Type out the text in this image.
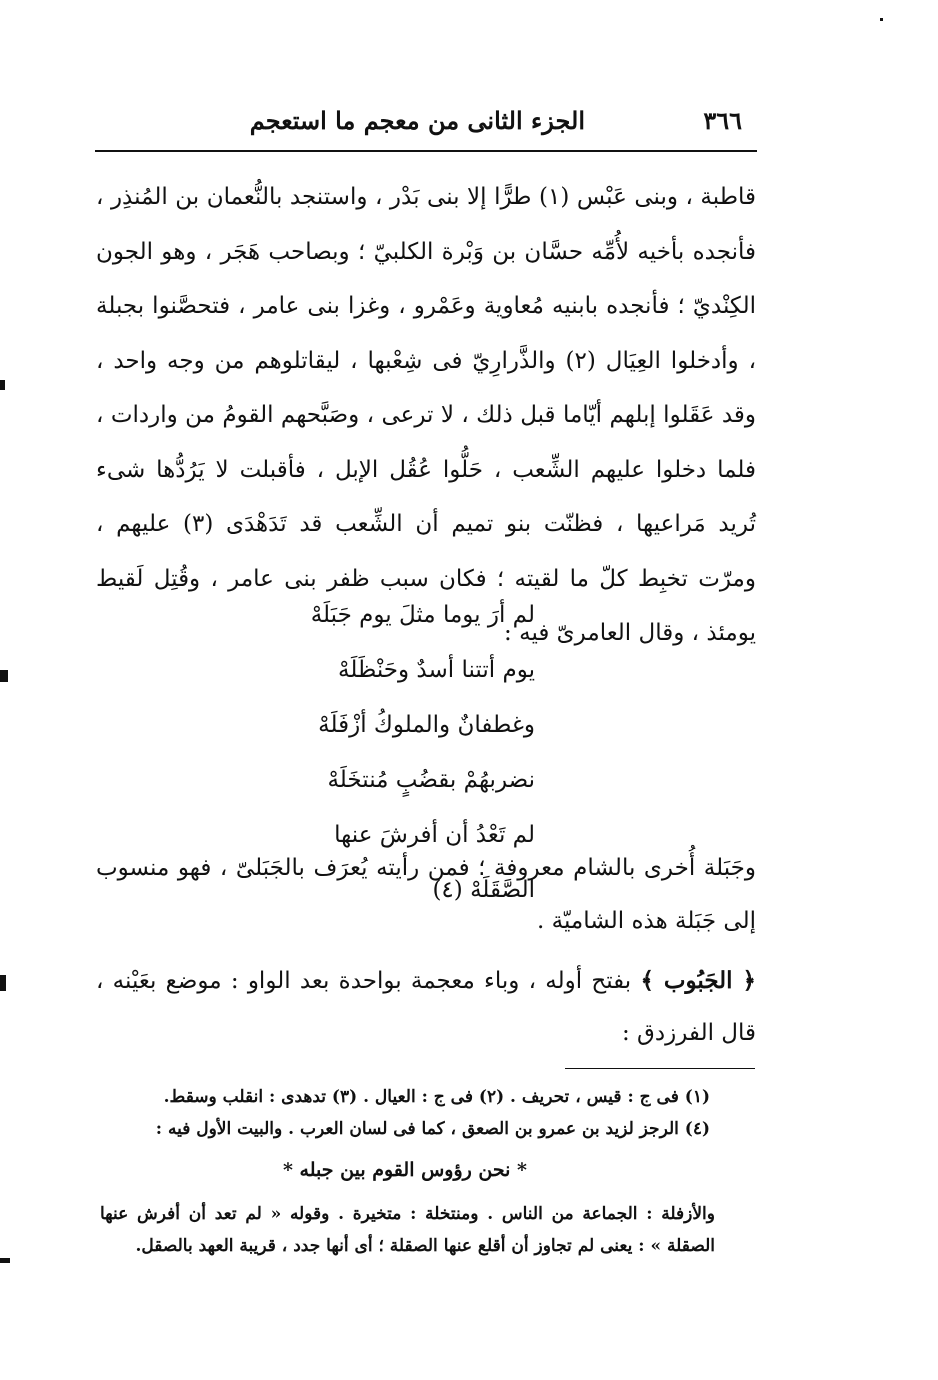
٣٦٦
الجزء الثانى من معجم ما استعجم

قاطبة ، وبنى عَبْس (١) طرًّا إلا بنى بَدْر ، واستنجد بالنُّعمان بن المُنذِر ، فأنجده بأخيه لأُمِّه حسَّان بن وَبْرة الكلبيّ ؛ وبصاحب هَجَر ، وهو الجون الكِنْديّ ؛ فأنجده بابنيه مُعاوية وعَمْرو ، وغزا بنى عامر ، فتحصَّنوا بجبلة ، وأدخلوا العِيَال (٢) والذَّرارِيّ فى شِعْبها ، ليقاتلوهم من وجه واحد ، وقد عَقَلوا إبلهم أيّاما قبل ذلك ، لا ترعى ، وصَبَّحهم القومُ من واردات ، فلما دخلوا عليهم الشِّعب ، حَلُّوا عُقُل الإبل ، فأقبلت لا يَرُدُّها شىء تُريد مَراعيها ، فظنّت بنو تميم أن الشِّعب قد تَدَهْدَى (٣) عليهم ، ومرّت تخبِط كلّ ما لقيته ؛ فكان سبب ظفر بنى عامر ، وقُتِل لَقيط يومئذ ، وقال العامرىّ فيه :

لم أرَ يوما مثلَ يوم جَبَلَهْ
يوم أتتنا أسدٌ وحَنْظَلَهْ
وغطفانٌ والملوكُ أزْفَلَهْ
نضربهُمْ بقضُبٍ مُنتخَلَهْ
لم تَعْدُ أن أفرشَ عنها الصَّقَلَهْ (٤)
وجَبَلة أُخرى بالشام معروفة ؛ فمن رأيته يُعرَف بالجَبَلىّ ، فهو منسوب إلى جَبَلة هذه الشاميّة .
﴿ الجَبُوب ﴾ بفتح أوله ، وباء معجمة بواحدة بعد الواو : موضع بعَيْنه ، قال الفرزدق :
(١) فى ج : قيس ، تحريف . (٢) فى ج : العيال . (٣) تدهدى : انقلب وسقط.
(٤) الرجز لزيد بن عمرو بن الصعق ، كما فى لسان العرب . والبيت الأول فيه :
* نحن رؤوس القوم بين جبله *
والأزفلة : الجماعة من الناس . ومنتخلة : متخيرة . وقوله « لم تعد أن أفرش عنها الصقلة » : يعنى لم تجاوز أن أقلع عنها الصقلة ؛ أى أنها جدد ، قريبة العهد بالصقل.
